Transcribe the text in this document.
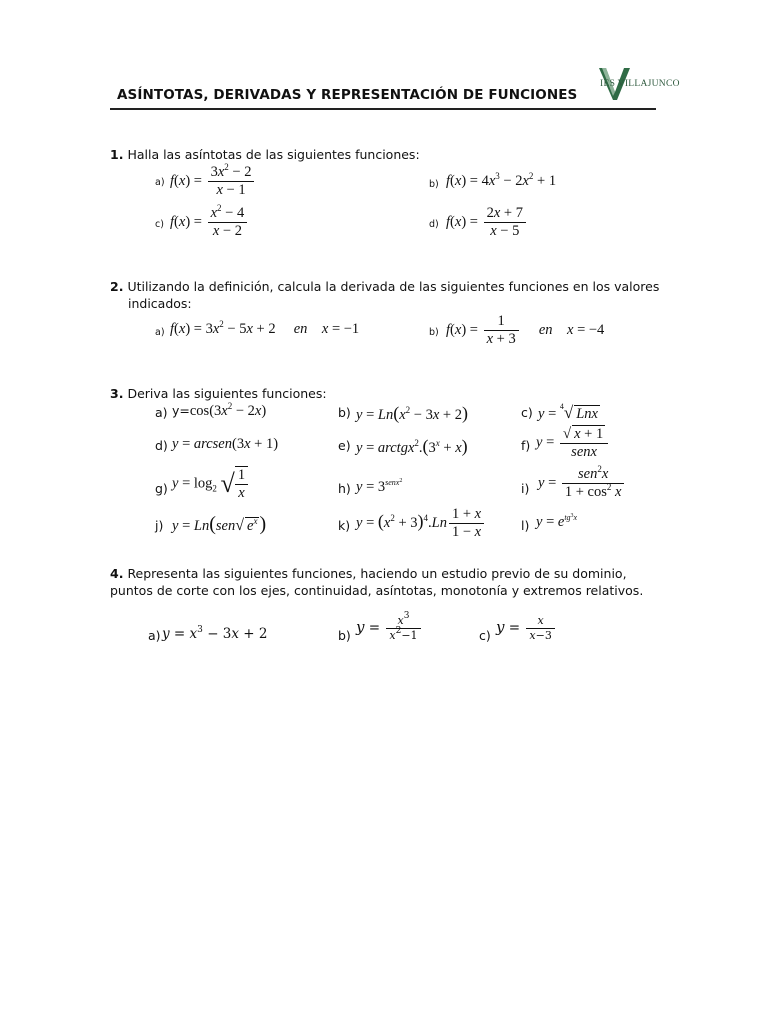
ASÍNTOTAS, DERIVADAS Y REPRESENTACIÓN DE FUNCIONES
IES VILLAJUNCO
1. Halla las asíntotas de las siguientes funciones:
a) $f(x) = \frac{3x^2 - 2}{x - 1}$	b) $f(x) = 4x^3 - 2x^2 + 1$
c) $f(x) = \frac{x^2 - 4}{x - 2}$	d) $f(x) = \frac{2x + 7}{x - 5}$
2. Utilizando la definición, calcula la derivada de las siguientes funciones en los valores
indicados:
a) $f(x) = 3x^2 - 5x + 2$     en x = −1	b) $f(x) = \frac{1}{x + 3}$ en x = −4
3. Deriva las siguientes funciones:
a) $y=\cos(3x^2 - 2x)$	b) $y = Ln(x^2 - 3x + 2)$	c) y = $^4$√ Lnx
d) y = arcsen(3x + 1)	e) $y = arctgx^2.(3^x + x)$	f) $y = \frac{√ x + 1}{\text{senx}}$
g) $y = \log_2$ √ $\frac{1}{x}$	h) $y = 3^{senx^2}$	i) $y = \frac{sen^2x}{1 + \cos^2 x}$
j) y = Ln(sen√ $e^x$ )	k) $y = (x^2 + 3)^4.Ln \frac{1 + x}{1 - x}$	l) $y = e^{tg^3x}$
4. Representa las siguientes funciones, haciendo un estudio previo de su dominio,
puntos de corte con los ejes, continuidad, asíntotas, monotonía y extremos relativos.
a) $y = x^3 - 3x + 2$	b) $y = \frac{x^3}{x^2-1}$	c) $y = \frac{x}{x-3}$
